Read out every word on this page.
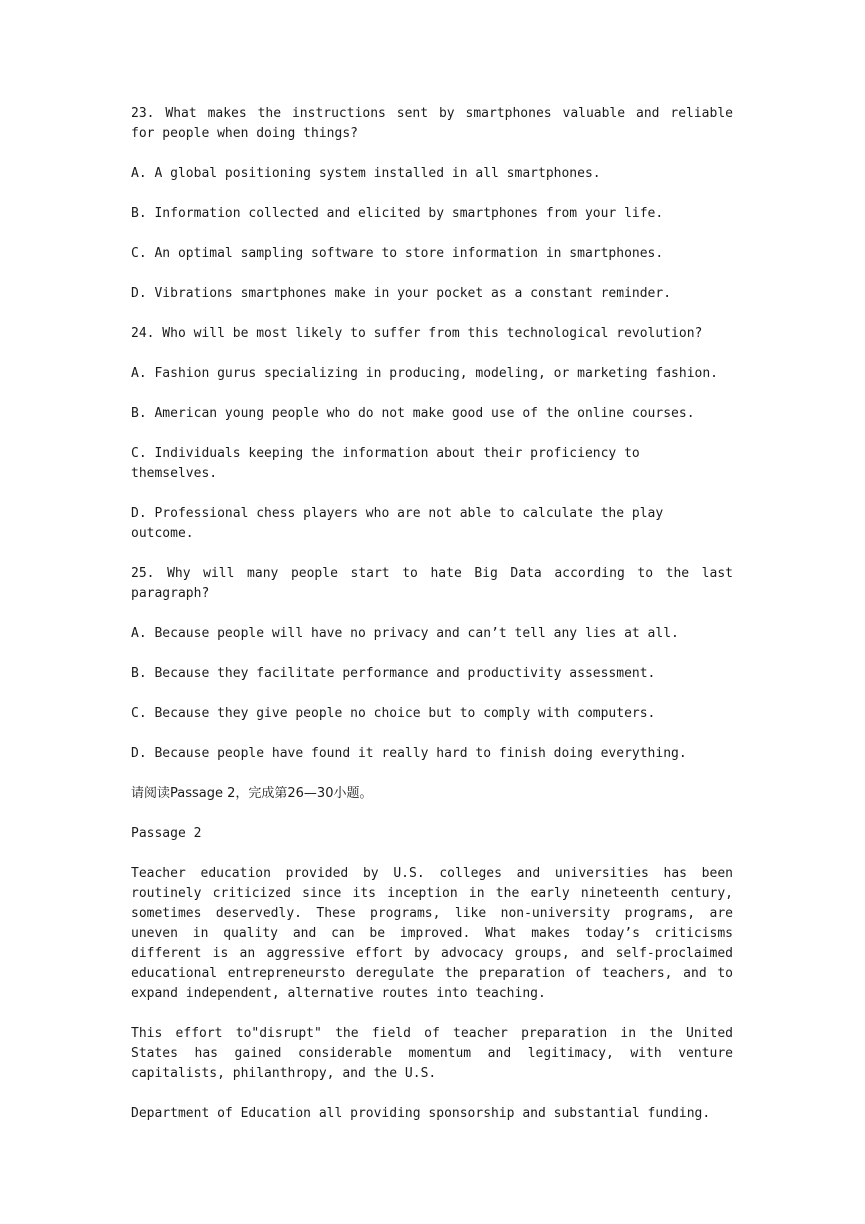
23. What makes the instructions sent by smartphones valuable and reliable for people when doing things?

A. A global positioning system installed in all smartphones.

B. Information collected and elicited by smartphones from your life.

C. An optimal sampling software to store information in smartphones.

D. Vibrations smartphones make in your pocket as a constant reminder.

24. Who will be most likely to suffer from this technological revolution?

A. Fashion gurus specializing in producing, modeling, or marketing fashion.

B. American young people who do not make good use of the online courses.

C. Individuals keeping the information about their proficiency to themselves.

D. Professional chess players who are not able to calculate the play outcome.

25. Why will many people start to hate Big Data according to the last paragraph?

A. Because people will have no privacy and can’t tell any lies at all.

B. Because they facilitate performance and productivity assessment.

C. Because they give people no choice but to comply with computers.

D. Because people have found it really hard to finish doing everything.

请阅读Passage 2，完成第26—30小题。

Passage 2

Teacher education provided by U.S. colleges and universities has been routinely criticized since its inception in the early nineteenth century, sometimes deservedly. These programs, like non-university programs, are uneven in quality and can be improved. What makes today’s criticisms different is an aggressive effort by advocacy groups, and self-proclaimed educational entrepreneursto deregulate the preparation of teachers, and to expand independent, alternative routes into teaching.

This effort to"disrupt" the field of teacher preparation in the United States has gained considerable momentum and legitimacy, with venture capitalists, philanthropy, and the U.S.

Department of Education all providing sponsorship and substantial funding.
